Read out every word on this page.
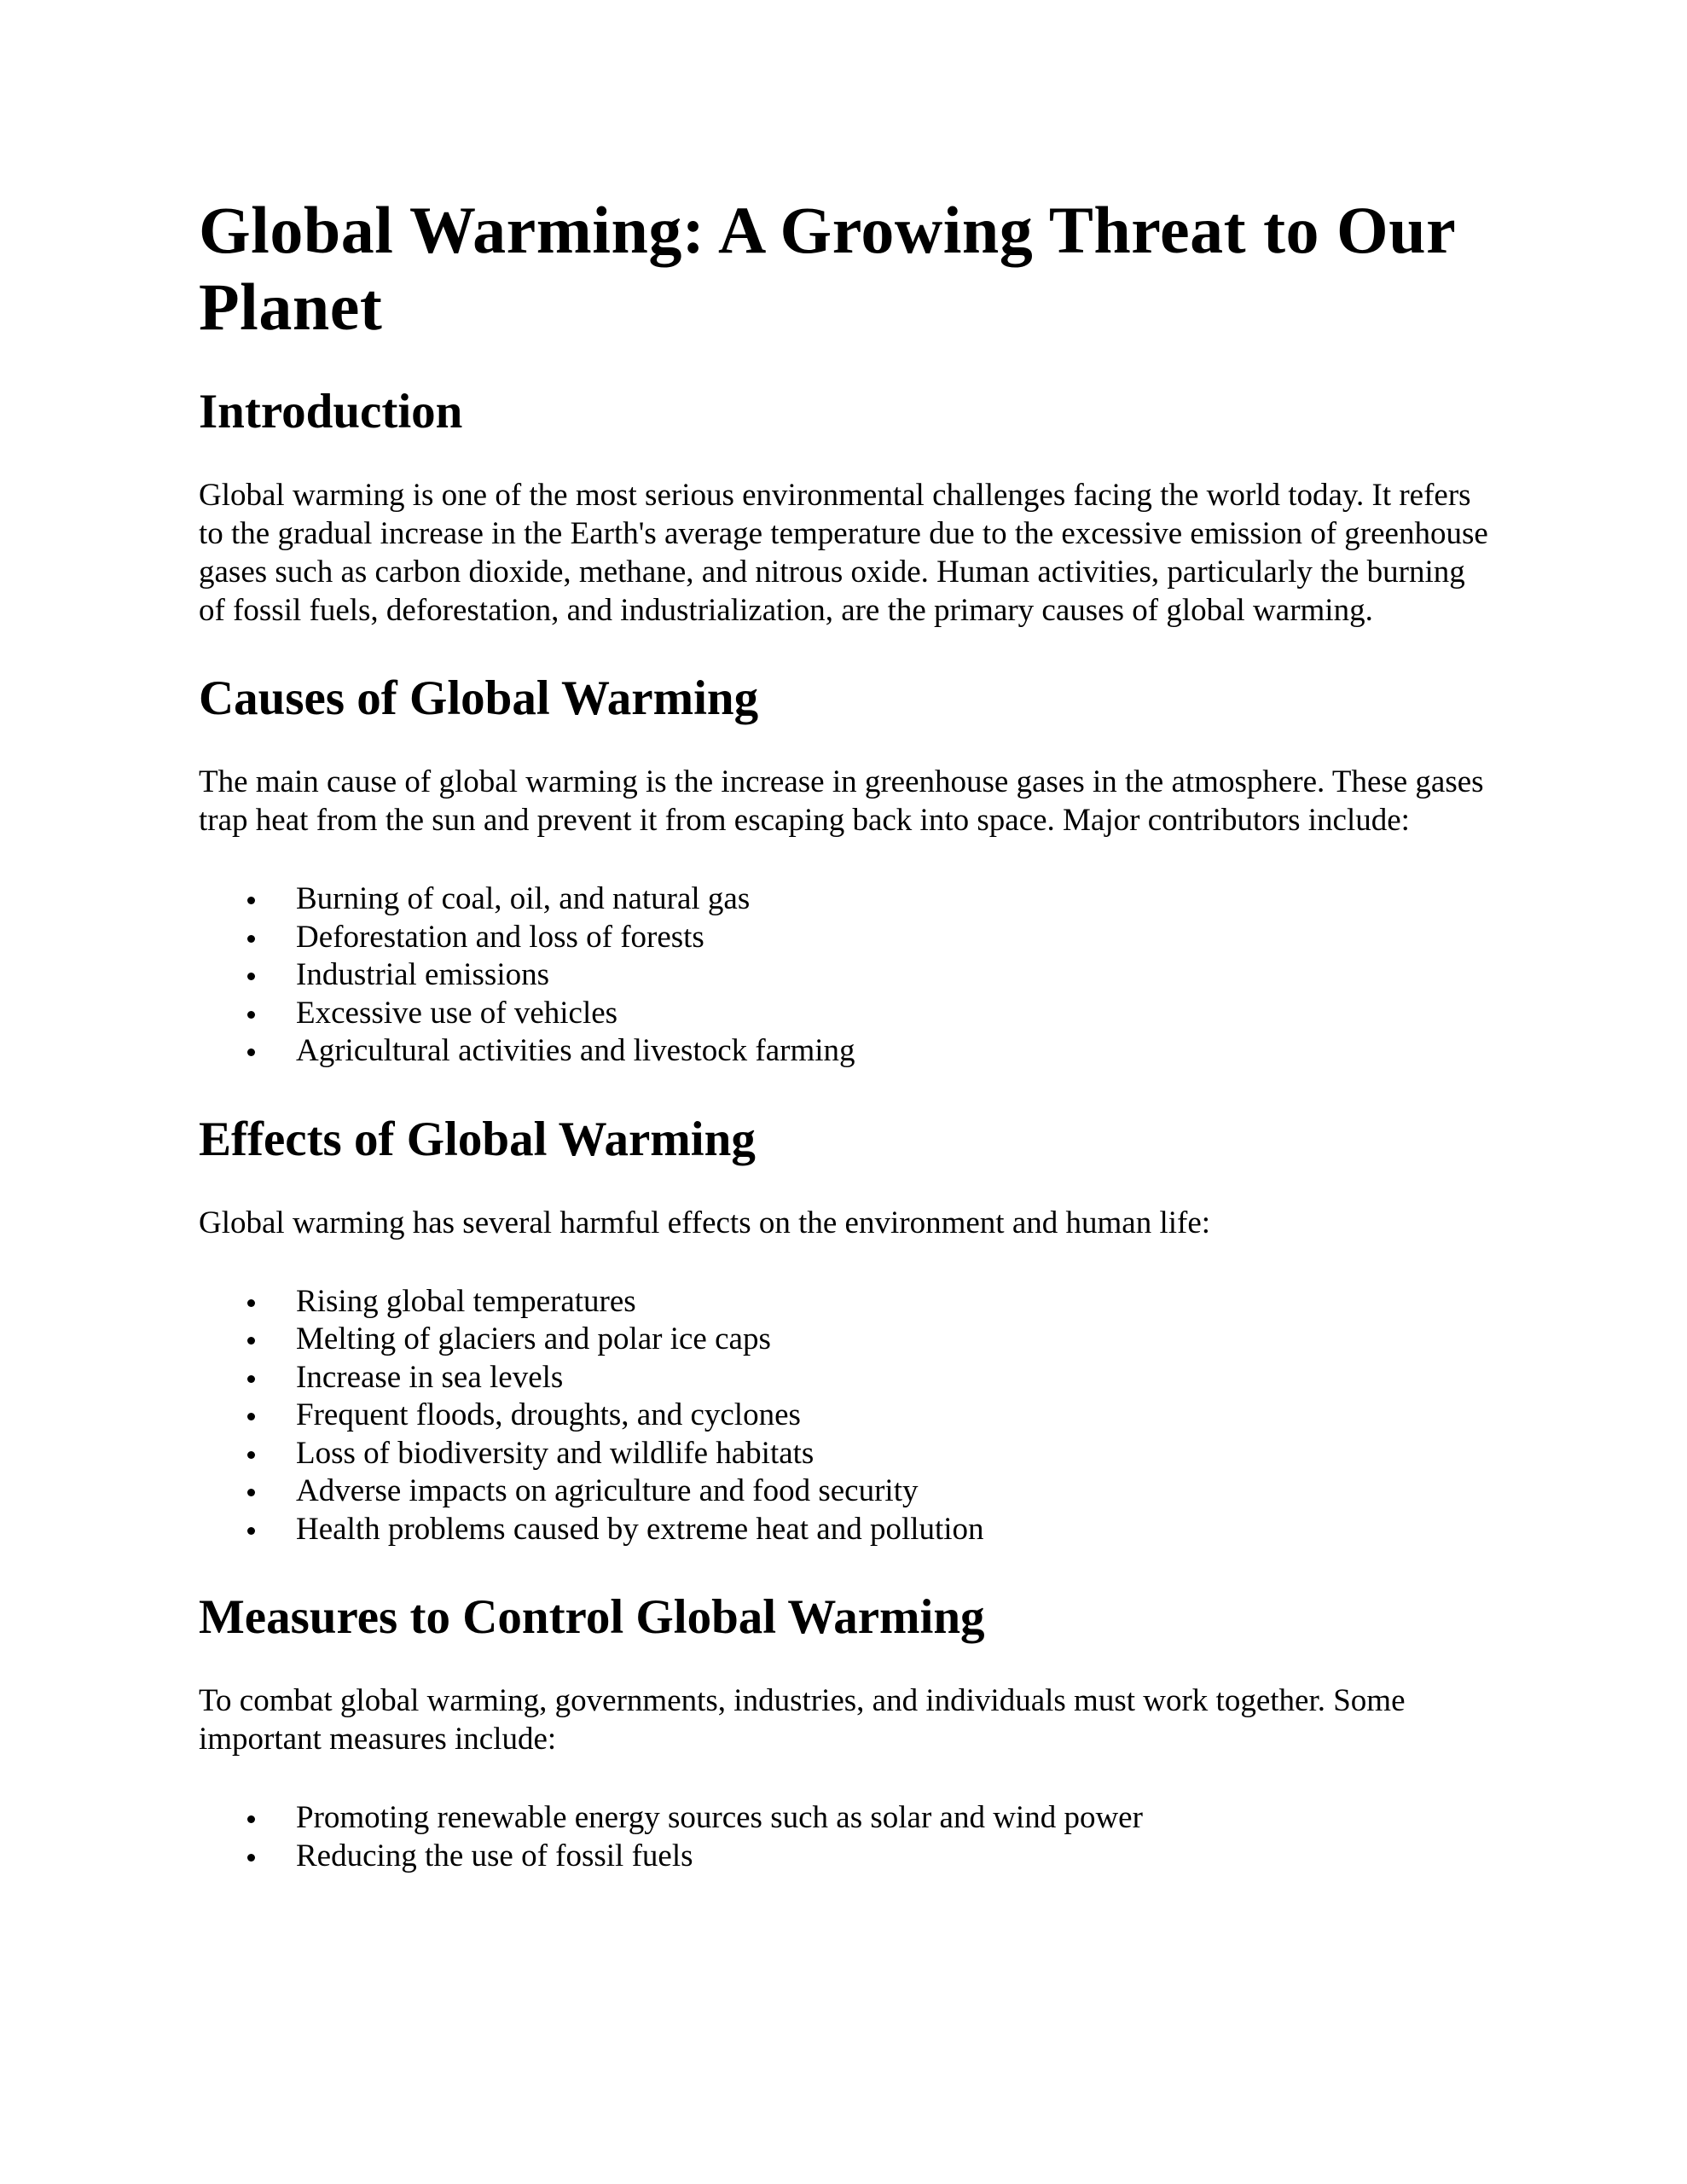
Global Warming: A Growing Threat to Our Planet
Introduction

Global warming is one of the most serious environmental challenges facing the world today. It refers to the gradual increase in the Earth's average temperature due to the excessive emission of greenhouse gases such as carbon dioxide, methane, and nitrous oxide. Human activities, particularly the burning of fossil fuels, deforestation, and industrialization, are the primary causes of global warming.

Causes of Global Warming

The main cause of global warming is the increase in greenhouse gases in the atmosphere. These gases trap heat from the sun and prevent it from escaping back into space. Major contributors include:

Burning of coal, oil, and natural gas
Deforestation and loss of forests
Industrial emissions
Excessive use of vehicles
Agricultural activities and livestock farming
Effects of Global Warming

Global warming has several harmful effects on the environment and human life:

Rising global temperatures
Melting of glaciers and polar ice caps
Increase in sea levels
Frequent floods, droughts, and cyclones
Loss of biodiversity and wildlife habitats
Adverse impacts on agriculture and food security
Health problems caused by extreme heat and pollution
Measures to Control Global Warming

To combat global warming, governments, industries, and individuals must work together. Some important measures include:

Promoting renewable energy sources such as solar and wind power
Reducing the use of fossil fuels
